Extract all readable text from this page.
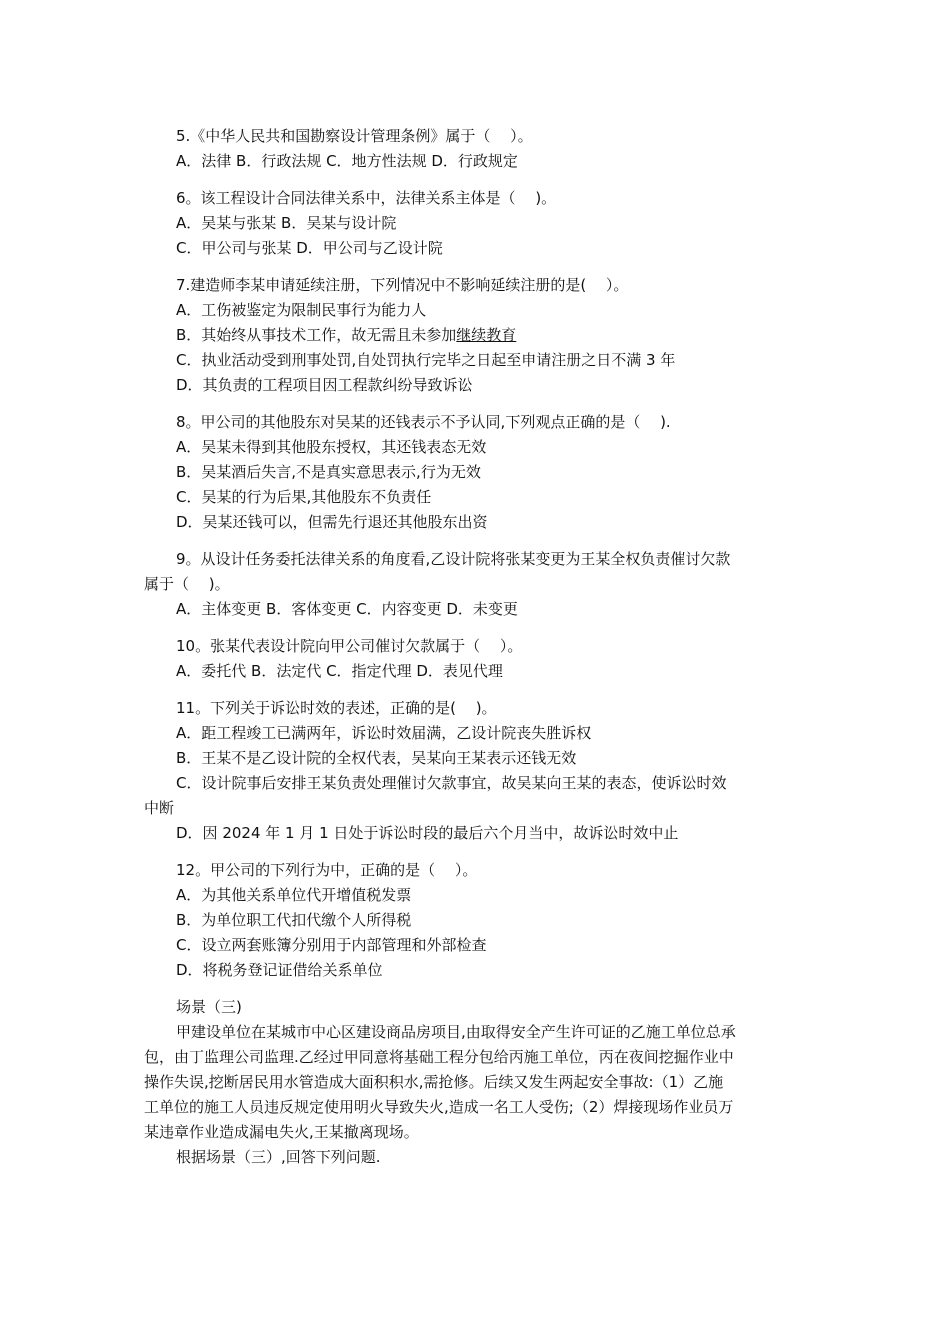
5.《中华人民共和国勘察设计管理条例》属于（　 ）。
A．法律 B．行政法规 C．地方性法规 D．行政规定
6。该工程设计合同法律关系中，法律关系主体是（　 )。
A．吴某与张某 B．吴某与设计院
C．甲公司与张某 D．甲公司与乙设计院
7.建造师李某申请延续注册，下列情况中不影响延续注册的是(　 ）。
A．工伤被鉴定为限制民事行为能力人
B．其始终从事技术工作，故无需且未参加继续教育
C．执业活动受到刑事处罚,自处罚执行完毕之日起至申请注册之日不满 3 年
D．其负责的工程项目因工程款纠纷导致诉讼
8。甲公司的其他股东对吴某的还钱表示不予认同,下列观点正确的是（　 ).
A．吴某未得到其他股东授权，其还钱表态无效
B．吴某酒后失言,不是真实意思表示,行为无效
C．吴某的行为后果,其他股东不负责任
D．吴某还钱可以，但需先行退还其他股东出资
9。从设计任务委托法律关系的角度看,乙设计院将张某变更为王某全权负责催讨欠款
属于（　 )。
A．主体变更 B．客体变更 C．内容变更 D．未变更
10。张某代表设计院向甲公司催讨欠款属于（　 ）。
A．委托代 B．法定代 C．指定代理 D．表见代理
11。下列关于诉讼时效的表述，正确的是(　 )。
A．距工程竣工已满两年，诉讼时效届满，乙设计院丧失胜诉权
B．王某不是乙设计院的全权代表，吴某向王某表示还钱无效
C．设计院事后安排王某负责处理催讨欠款事宜，故吴某向王某的表态，使诉讼时效
中断
D．因 2024 年 1 月 1 日处于诉讼时段的最后六个月当中，故诉讼时效中止
12。甲公司的下列行为中，正确的是（　 ）。
A．为其他关系单位代开增值税发票
B．为单位职工代扣代缴个人所得税
C．设立两套账簿分别用于内部管理和外部检查
D．将税务登记证借给关系单位
场景（三)
甲建设单位在某城市中心区建设商品房项目,由取得安全产生许可证的乙施工单位总承
包，由丁监理公司监理.乙经过甲同意将基础工程分包给丙施工单位，丙在夜间挖掘作业中
操作失误,挖断居民用水管造成大面积积水,需抢修。后续又发生两起安全事故:（1）乙施
工单位的施工人员违反规定使用明火导致失火,造成一名工人受伤;（2）焊接现场作业员万
某违章作业造成漏电失火,王某撤离现场。
根据场景（三）,回答下列问题.
